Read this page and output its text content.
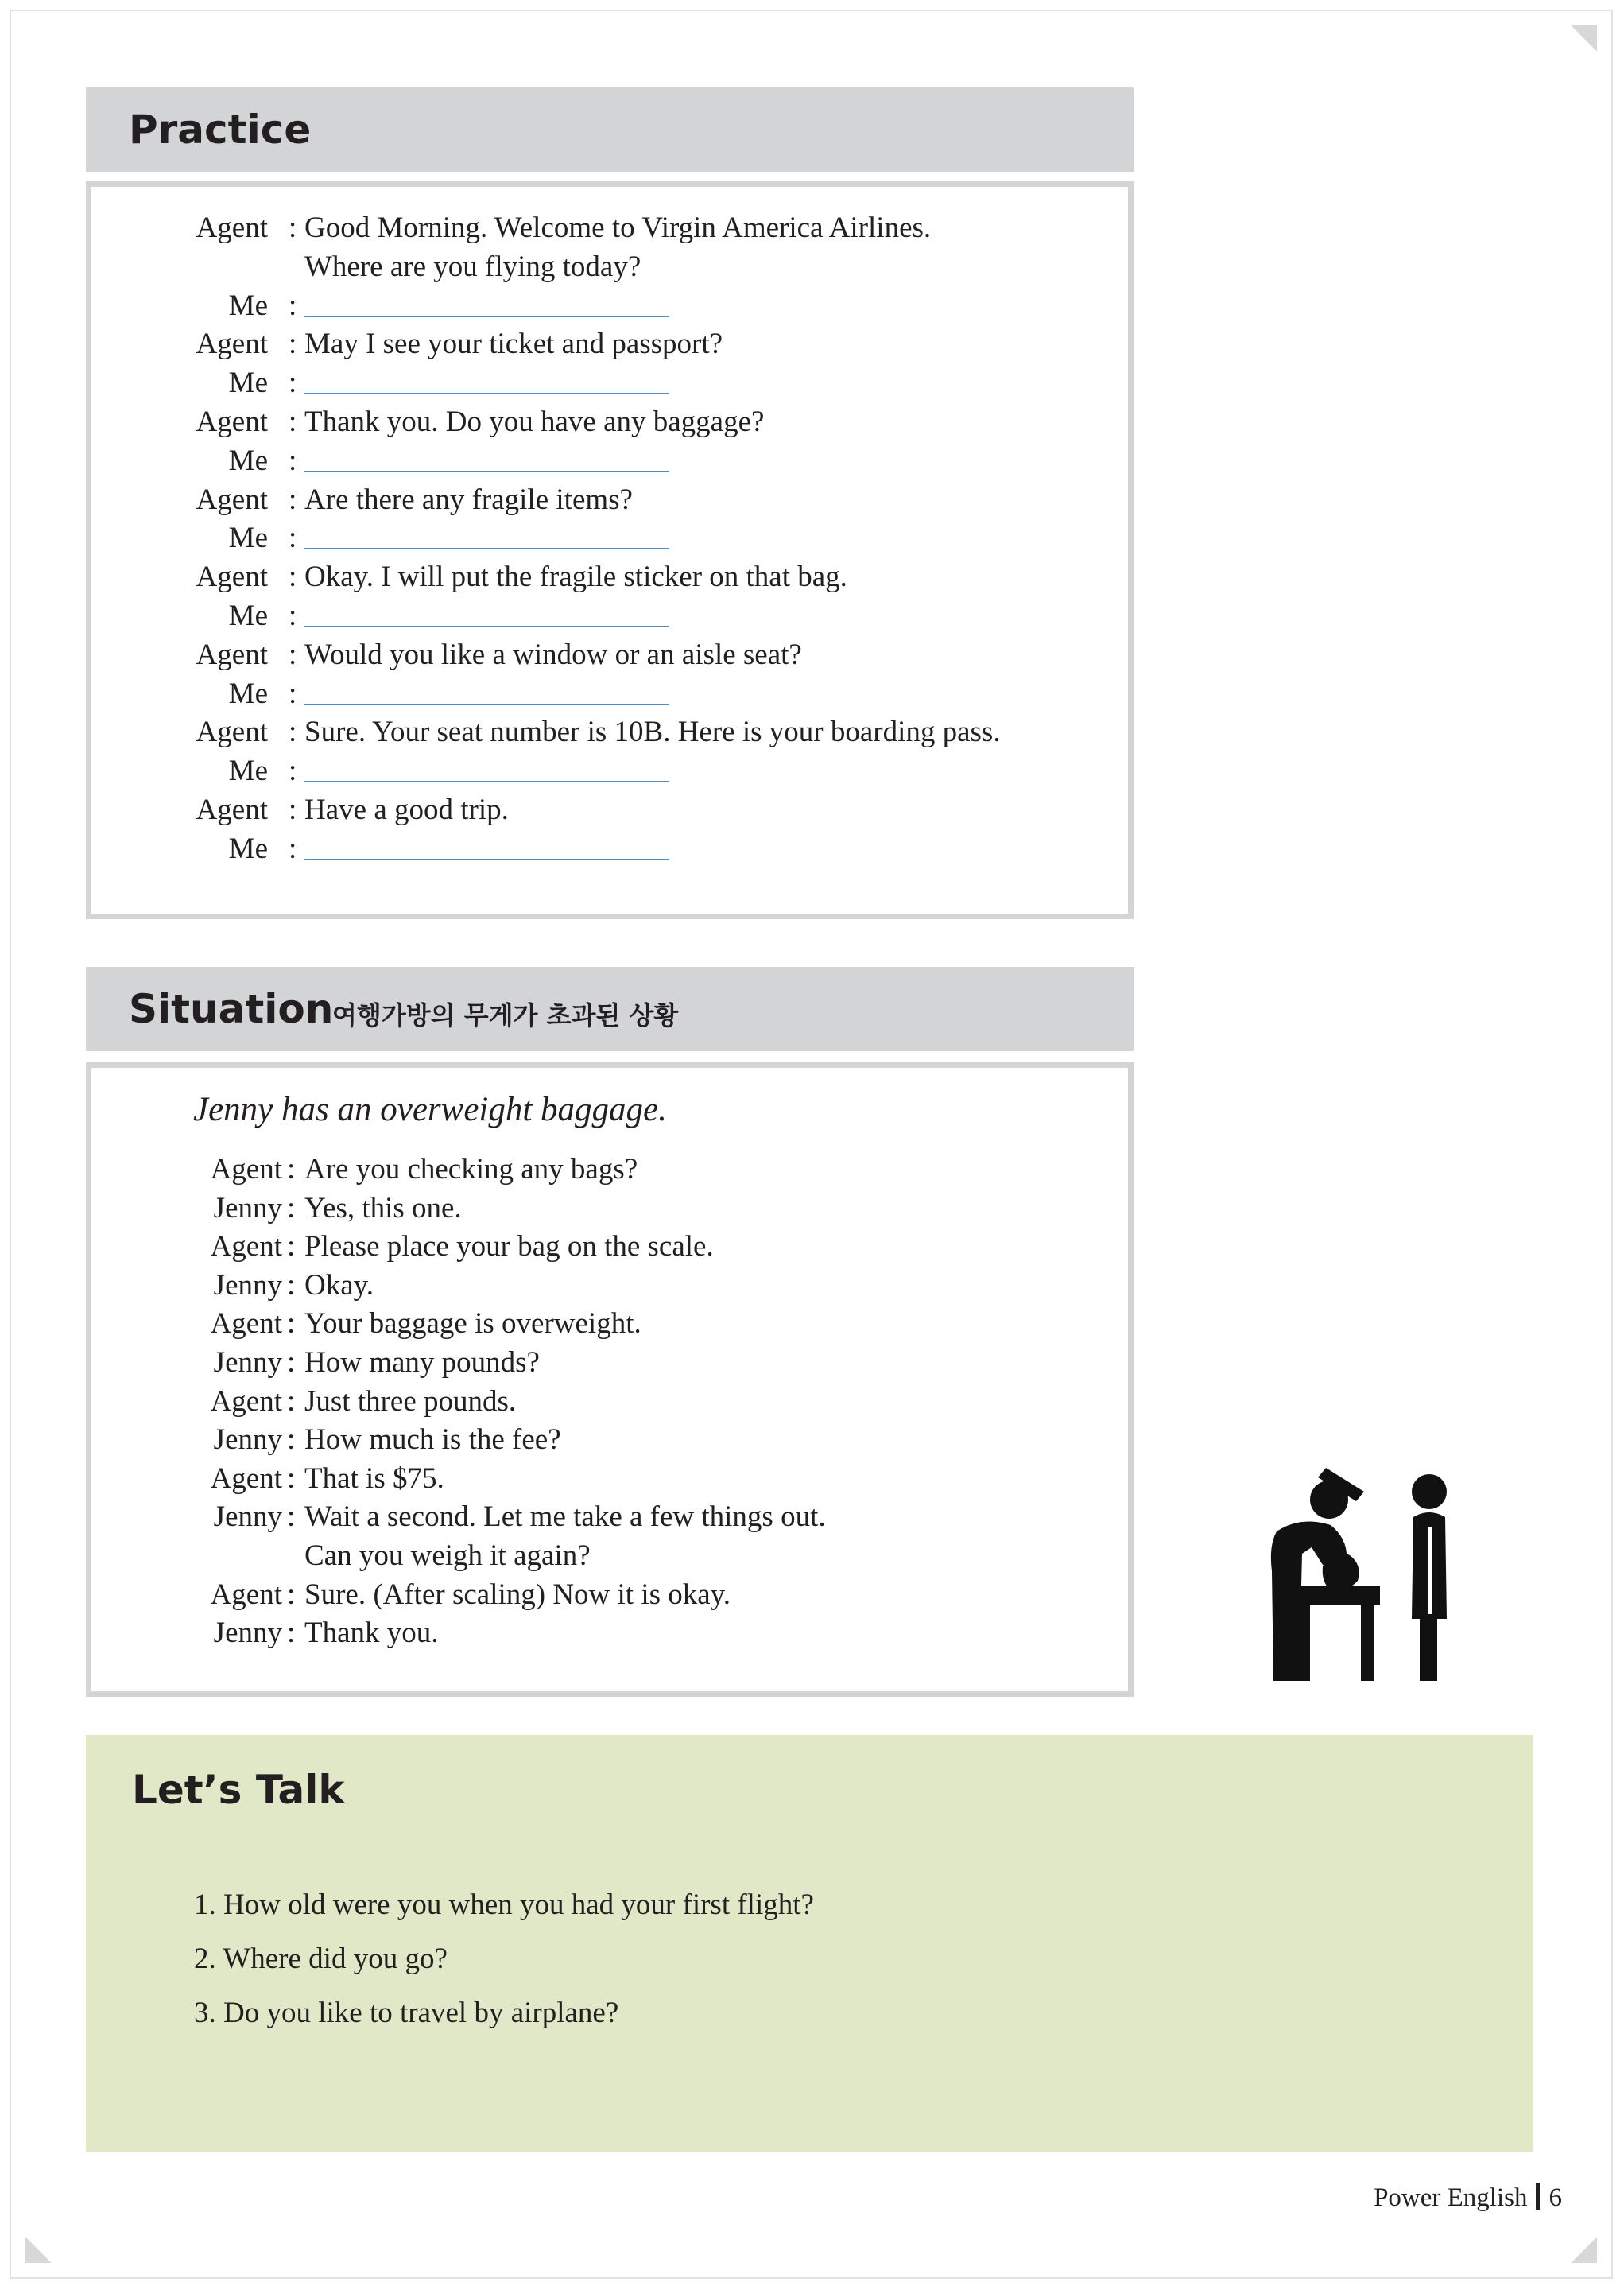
Practice
Agent : Good Morning. Welcome to Virgin America Airlines.
Where are you flying today?
Me :
Agent : May I see your ticket and passport?
Me :
Agent : Thank you. Do you have any baggage?
Me :
Agent : Are there any fragile items?
Me :
Agent : Okay. I will put the fragile sticker on that bag.
Me :
Agent : Would you like a window or an aisle seat?
Me :
Agent : Sure. Your seat number is 10B. Here is your boarding pass.
Me :
Agent : Have a good trip.
Me :
Situation
여행가방의 무게가 초과된 상황
Jenny has an overweight baggage.
Agent : Are you checking any bags?
Jenny : Yes, this one.
Agent : Please place your bag on the scale.
Jenny : Okay.
Agent : Your baggage is overweight.
Jenny : How many pounds?
Agent : Just three pounds.
Jenny : How much is the fee?
Agent : That is $75.
Jenny : Wait a second. Let me take a few things out.
Can you weigh it again?
Agent : Sure. (After scaling) Now it is okay.
Jenny : Thank you.
Let’s Talk
1. How old were you when you had your first flight?
2. Where did you go?
3. Do you like to travel by airplane?
Power English 6
